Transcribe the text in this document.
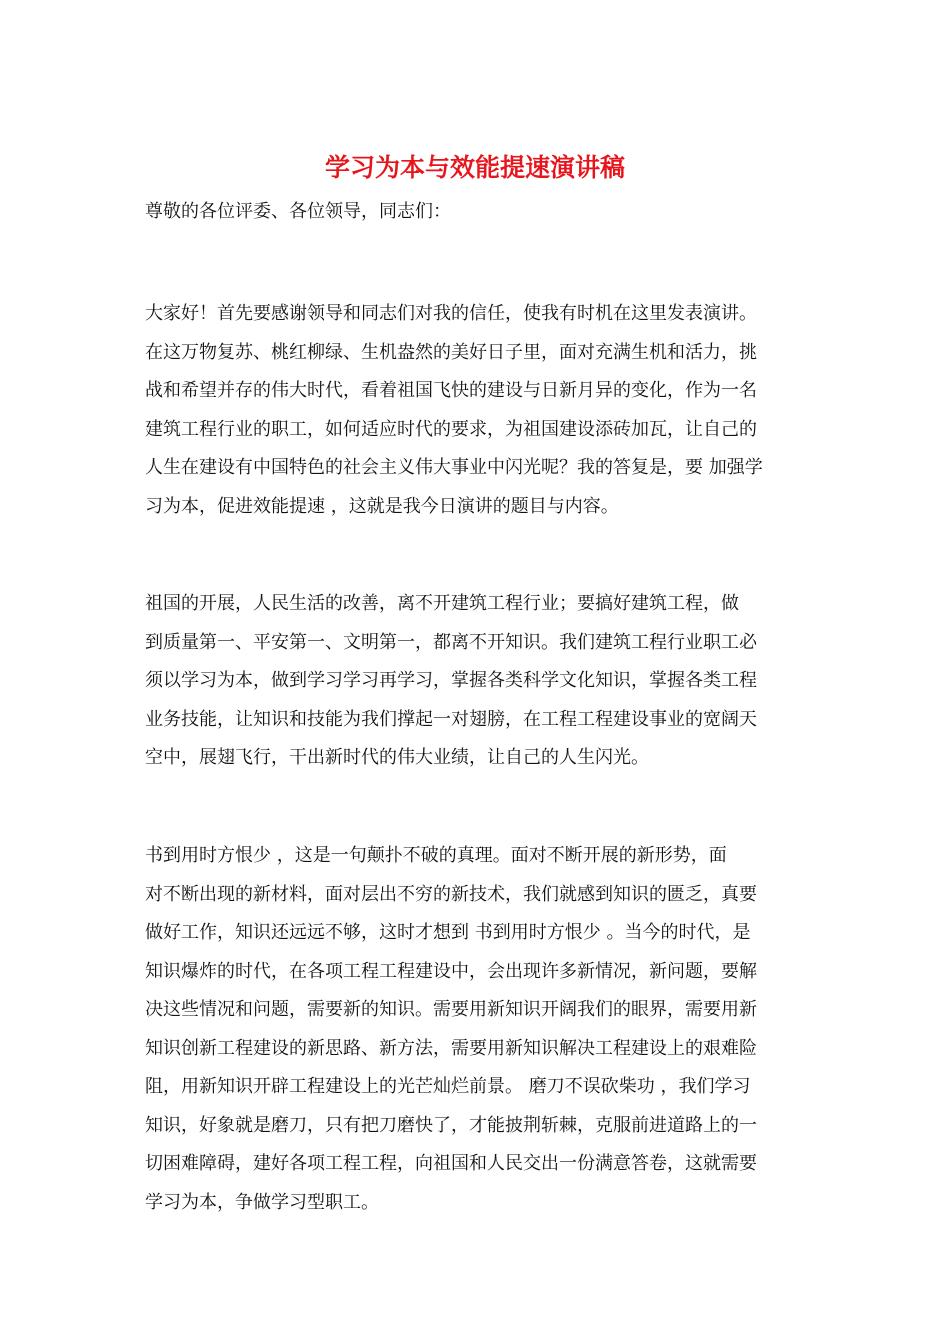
学习为本与效能提速演讲稿
尊敬的各位评委、各位领导，同志们：
大家好！首先要感谢领导和同志们对我的信任，使我有时机在这里发表演讲。
在这万物复苏、桃红柳绿、生机盎然的美好日子里，面对充满生机和活力，挑
战和希望并存的伟大时代，看着祖国飞快的建设与日新月异的变化，作为一名
建筑工程行业的职工，如何适应时代的要求，为祖国建设添砖加瓦，让自己的
人生在建设有中国特色的社会主义伟大事业中闪光呢？我的答复是，要 加强学
习为本，促进效能提速 ，这就是我今日演讲的题目与内容。
祖国的开展，人民生活的改善，离不开建筑工程行业；要搞好建筑工程，做
到质量第一、平安第一、文明第一，都离不开知识。我们建筑工程行业职工必
须以学习为本，做到学习学习再学习，掌握各类科学文化知识，掌握各类工程
业务技能，让知识和技能为我们撑起一对翅膀，在工程工程建设事业的宽阔天
空中，展翅飞行，干出新时代的伟大业绩，让自己的人生闪光。
书到用时方恨少 ，这是一句颠扑不破的真理。面对不断开展的新形势，面
对不断出现的新材料，面对层出不穷的新技术，我们就感到知识的匮乏，真要
做好工作，知识还远远不够，这时才想到 书到用时方恨少 。当今的时代，是
知识爆炸的时代，在各项工程工程建设中，会出现许多新情况，新问题，要解
决这些情况和问题，需要新的知识。需要用新知识开阔我们的眼界，需要用新
知识创新工程建设的新思路、新方法，需要用新知识解决工程建设上的艰难险
阻，用新知识开辟工程建设上的光芒灿烂前景。 磨刀不误砍柴功 ，我们学习
知识，好象就是磨刀，只有把刀磨快了，才能披荆斩棘，克服前进道路上的一
切困难障碍，建好各项工程工程，向祖国和人民交出一份满意答卷，这就需要
学习为本，争做学习型职工。
